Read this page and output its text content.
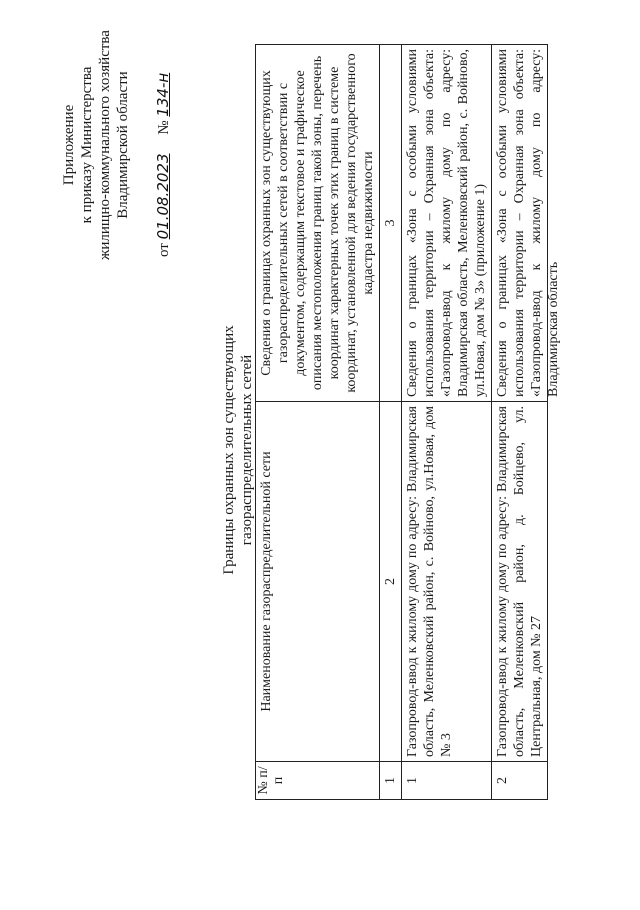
Приложение к приказу Министерства жилищно-коммунального хозяйства Владимирской области
от 01.08.2023     № 134-н
Границы охранных зон существующих газораспределительных сетей
№ п/п	Наименование газораспределительной сети	Сведения о границах охранных зон существующих газораспределительных сетей в соответствии с документом, содержащим текстовое и графическое описания местоположения границ такой зоны, перечень координат характерных точек этих границ в системе координат, установленной для ведения государственного кадастра недвижимости
1	2	3
1	Газопровод-ввод к жилому дому по адресу: Владимирская область, Меленковский район, с. Войново, ул.Новая, дом № 3	Сведения о границах «Зона с особыми условиями использования территории – Охранная зона объекта: «Газопровод-ввод к жилому дому по адресу: Владимирская область, Меленковский район, с. Войново, ул.Новая, дом № 3» (приложение 1)
2	Газопровод-ввод к жилому дому по адресу: Владимирская область, Меленковский район, д. Бойцево, ул. Центральная, дом № 27	Сведения о границах «Зона с особыми условиями использования территории – Охранная зона объекта: «Газопровод-ввод к жилому дому по адресу: Владимирская область
